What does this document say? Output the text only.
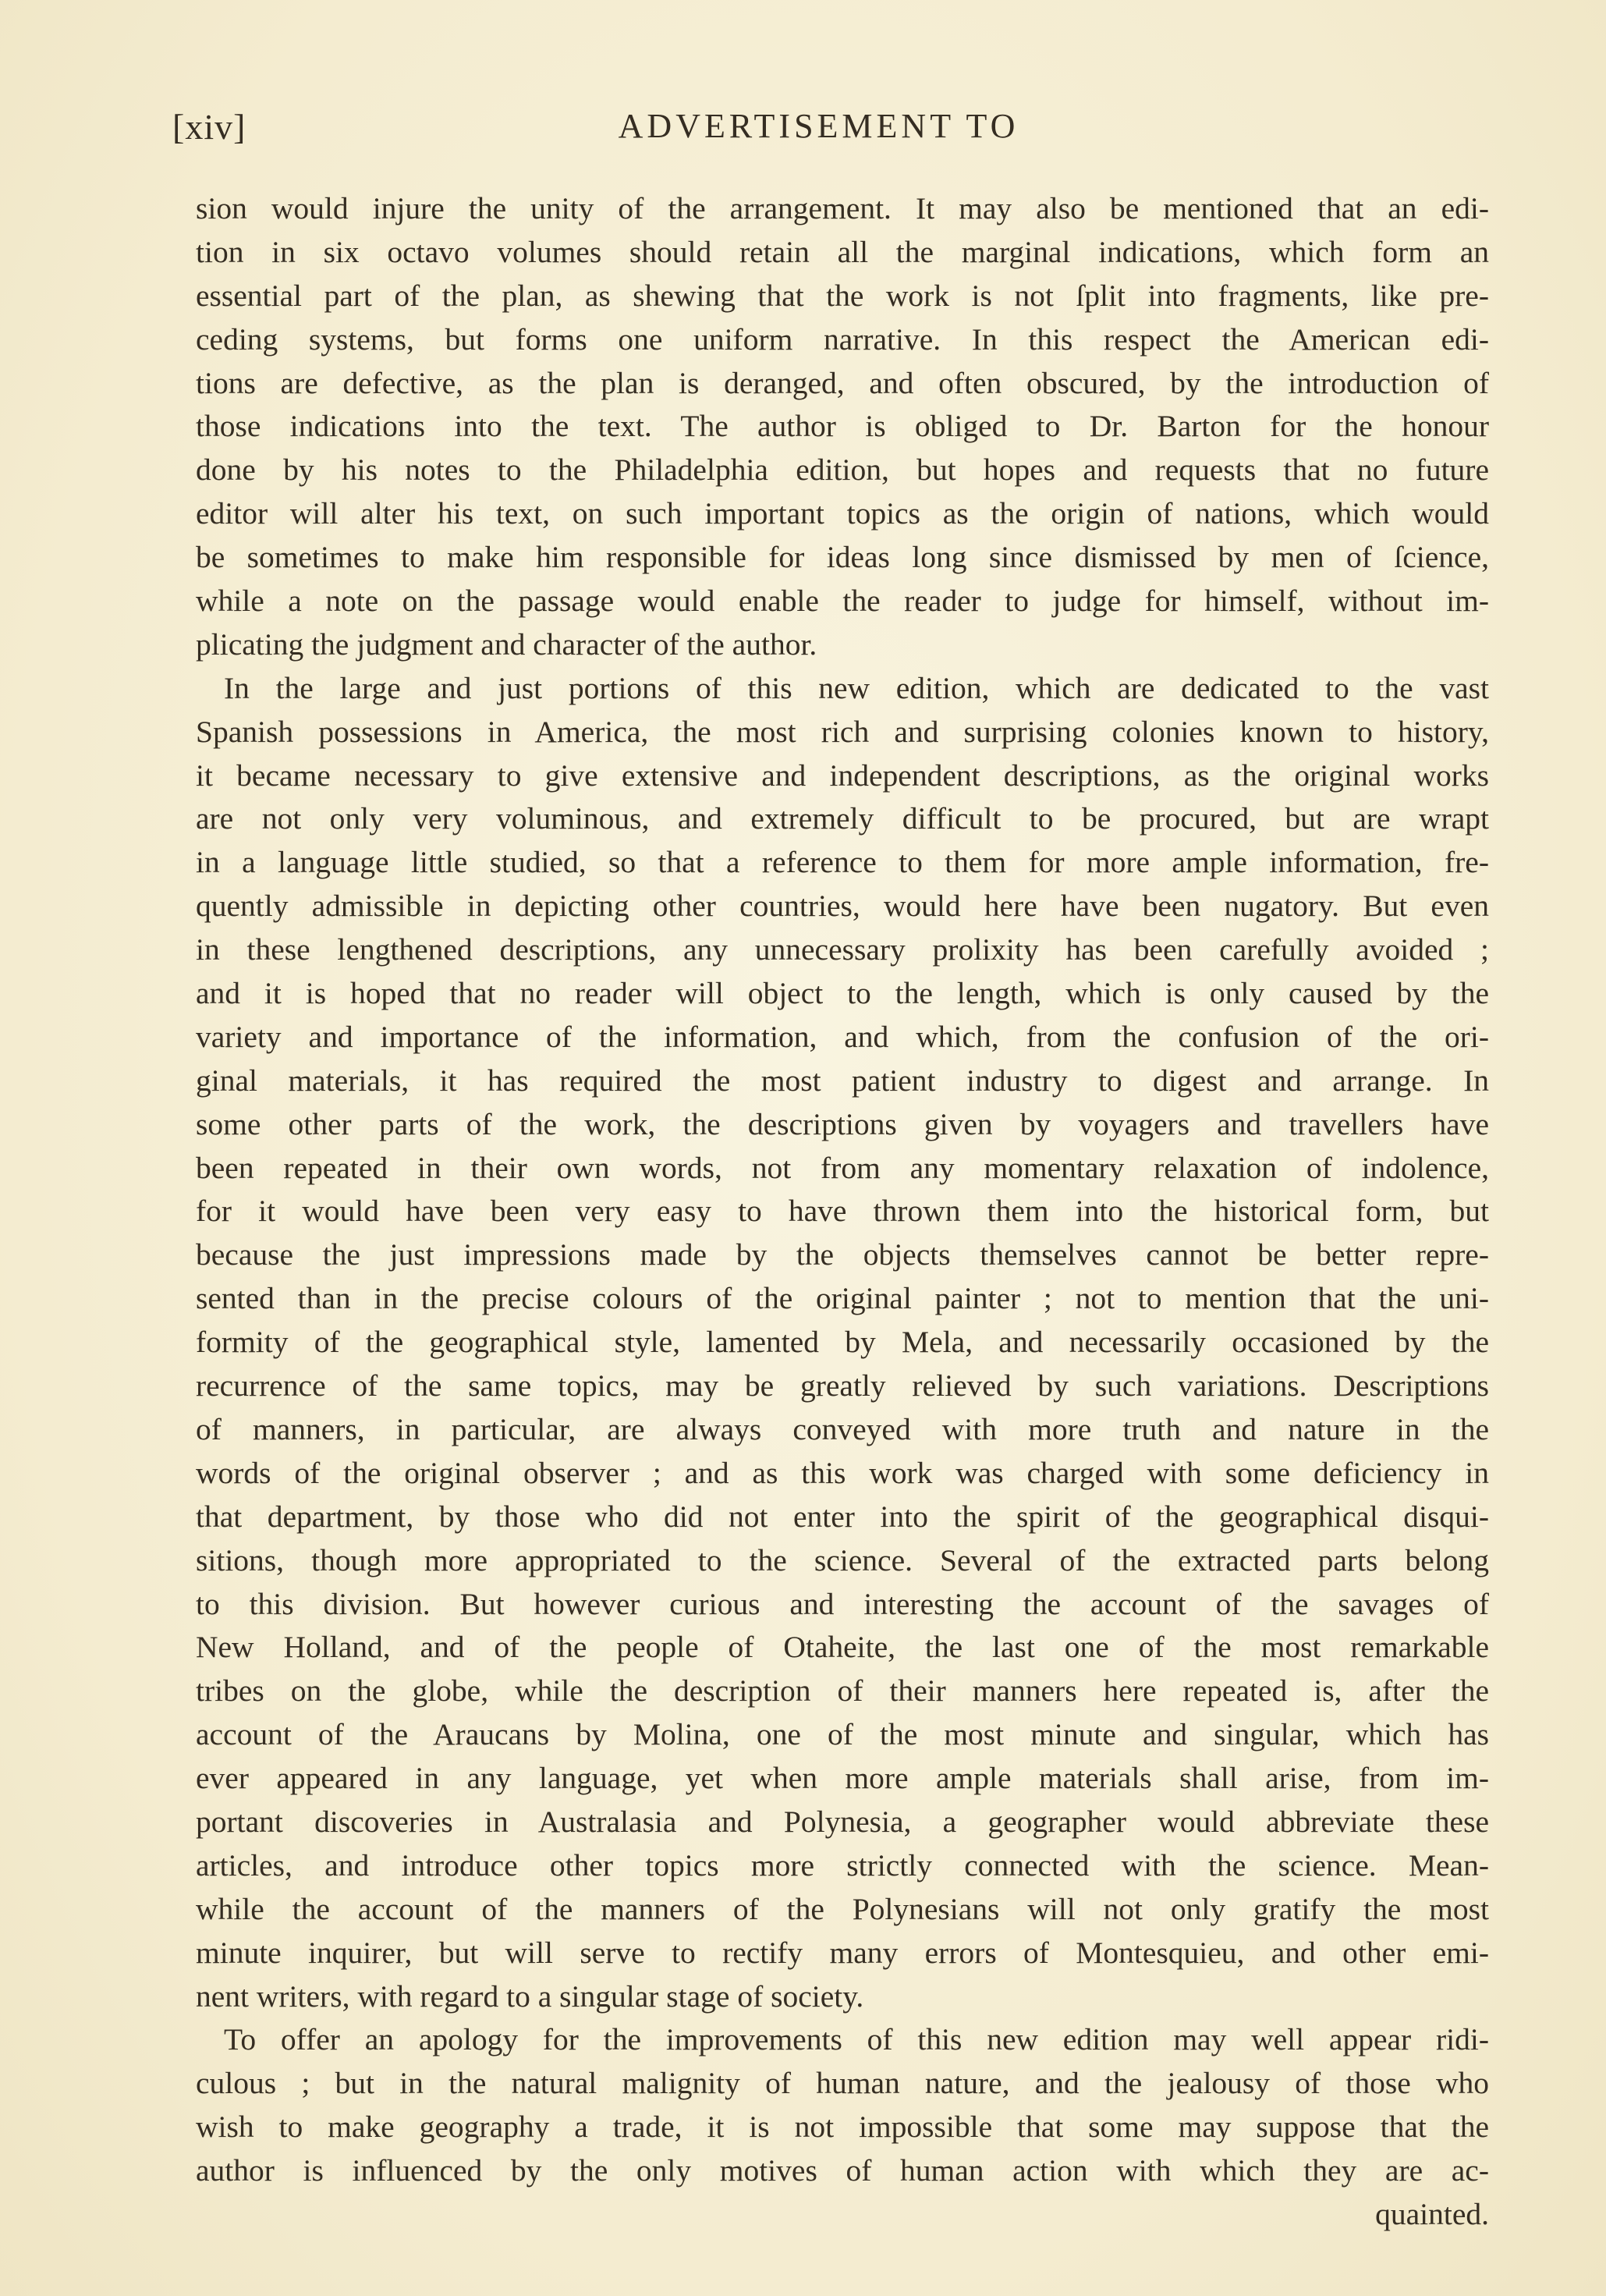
[xiv]	ADVERTISEMENT TO
sion would injure the unity of the arrangement. It may also be mentioned that an edi-
tion in six octavo volumes should retain all the marginal indications, which form an
essential part of the plan, as shewing that the work is not ſplit into fragments, like pre-
ceding systems, but forms one uniform narrative. In this respect the American edi-
tions are defective, as the plan is deranged, and often obscured, by the introduction of
those indications into the text. The author is obliged to Dr. Barton for the honour
done by his notes to the Philadelphia edition, but hopes and requests that no future
editor will alter his text, on such important topics as the origin of nations, which would
be sometimes to make him responsible for ideas long since dismissed by men of ſcience,
while a note on the passage would enable the reader to judge for himself, without im-
plicating the judgment and character of the author.
In the large and just portions of this new edition, which are dedicated to the vast
Spanish possessions in America, the most rich and surprising colonies known to history,
it became necessary to give extensive and independent descriptions, as the original works
are not only very voluminous, and extremely difficult to be procured, but are wrapt
in a language little studied, so that a reference to them for more ample information, fre-
quently admissible in depicting other countries, would here have been nugatory. But even
in these lengthened descriptions, any unnecessary prolixity has been carefully avoided ;
and it is hoped that no reader will object to the length, which is only caused by the
variety and importance of the information, and which, from the confusion of the ori-
ginal materials, it has required the most patient industry to digest and arrange. In
some other parts of the work, the descriptions given by voyagers and travellers have
been repeated in their own words, not from any momentary relaxation of indolence,
for it would have been very easy to have thrown them into the historical form, but
because the just impressions made by the objects themselves cannot be better repre-
sented than in the precise colours of the original painter ; not to mention that the uni-
formity of the geographical style, lamented by Mela, and necessarily occasioned by the
recurrence of the same topics, may be greatly relieved by such variations. Descriptions
of manners, in particular, are always conveyed with more truth and nature in the
words of the original observer ; and as this work was charged with some deficiency in
that department, by those who did not enter into the spirit of the geographical disqui-
sitions, though more appropriated to the science. Several of the extracted parts belong
to this division. But however curious and interesting the account of the savages of
New Holland, and of the people of Otaheite, the last one of the most remarkable
tribes on the globe, while the description of their manners here repeated is, after the
account of the Araucans by Molina, one of the most minute and singular, which has
ever appeared in any language, yet when more ample materials shall arise, from im-
portant discoveries in Australasia and Polynesia, a geographer would abbreviate these
articles, and introduce other topics more strictly connected with the science. Mean-
while the account of the manners of the Polynesians will not only gratify the most
minute inquirer, but will serve to rectify many errors of Montesquieu, and other emi-
nent writers, with regard to a singular stage of society.
To offer an apology for the improvements of this new edition may well appear ridi-
culous ; but in the natural malignity of human nature, and the jealousy of those who
wish to make geography a trade, it is not impossible that some may suppose that the
author is influenced by the only motives of human action with which they are ac-
quainted.
